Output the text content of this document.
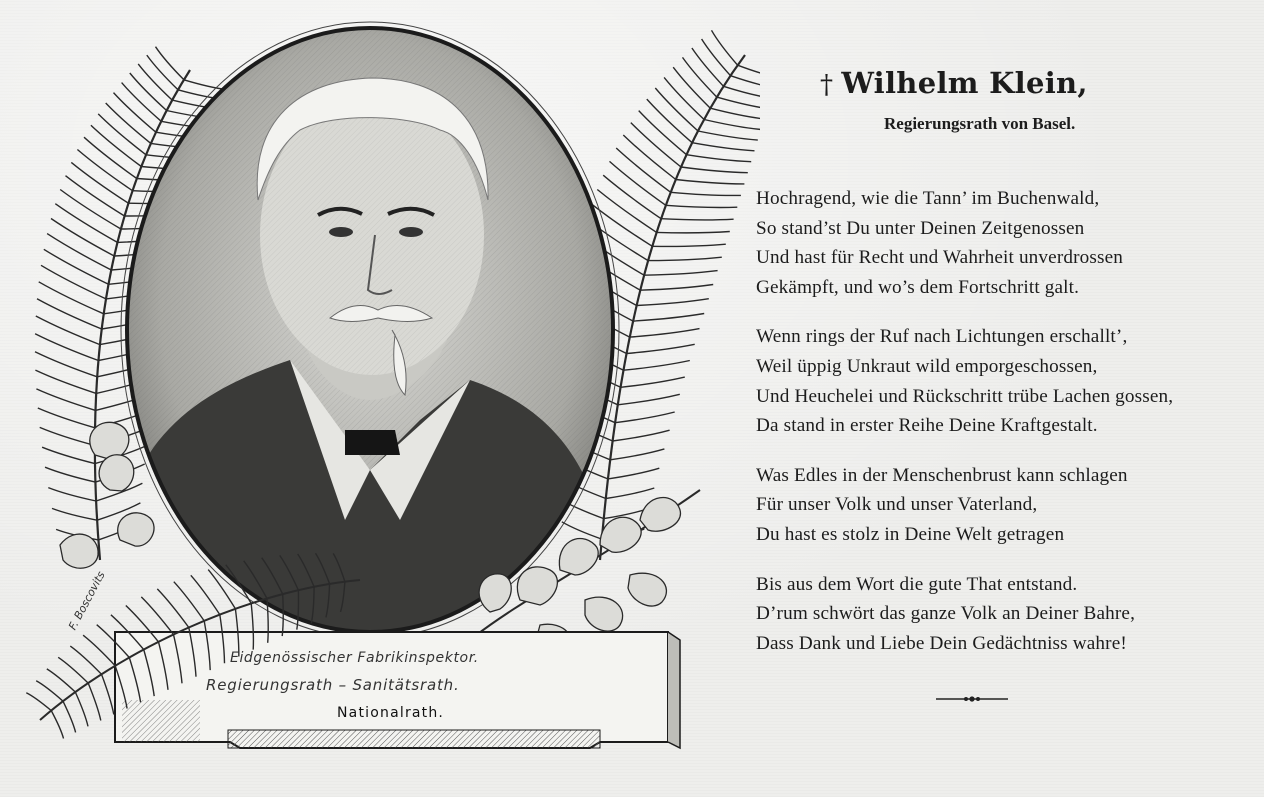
Eidgenössischer Fabrikinspektor.
Regierungsrath – Sanitätsrath.
Nationalrath.
F. Boscovits
† Wilhelm Klein,
Regierungsrath von Basel.
Hochragend, wie die Tann’ im Buchenwald,
So stand’st Du unter Deinen Zeitgenossen
Und hast für Recht und Wahrheit unverdrossen
Gekämpft, und wo’s dem Fortschritt galt.
Wenn rings der Ruf nach Lichtungen erschallt’,
Weil üppig Unkraut wild emporgeschossen,
Und Heuchelei und Rückschritt trübe Lachen gossen,
Da stand in erster Reihe Deine Kraftgestalt.
Was Edles in der Menschenbrust kann schlagen
Für unser Volk und unser Vaterland,
Du hast es stolz in Deine Welt getragen
Bis aus dem Wort die gute That entstand.
D’rum schwört das ganze Volk an Deiner Bahre,
Dass Dank und Liebe Dein Gedächtniss wahre!
